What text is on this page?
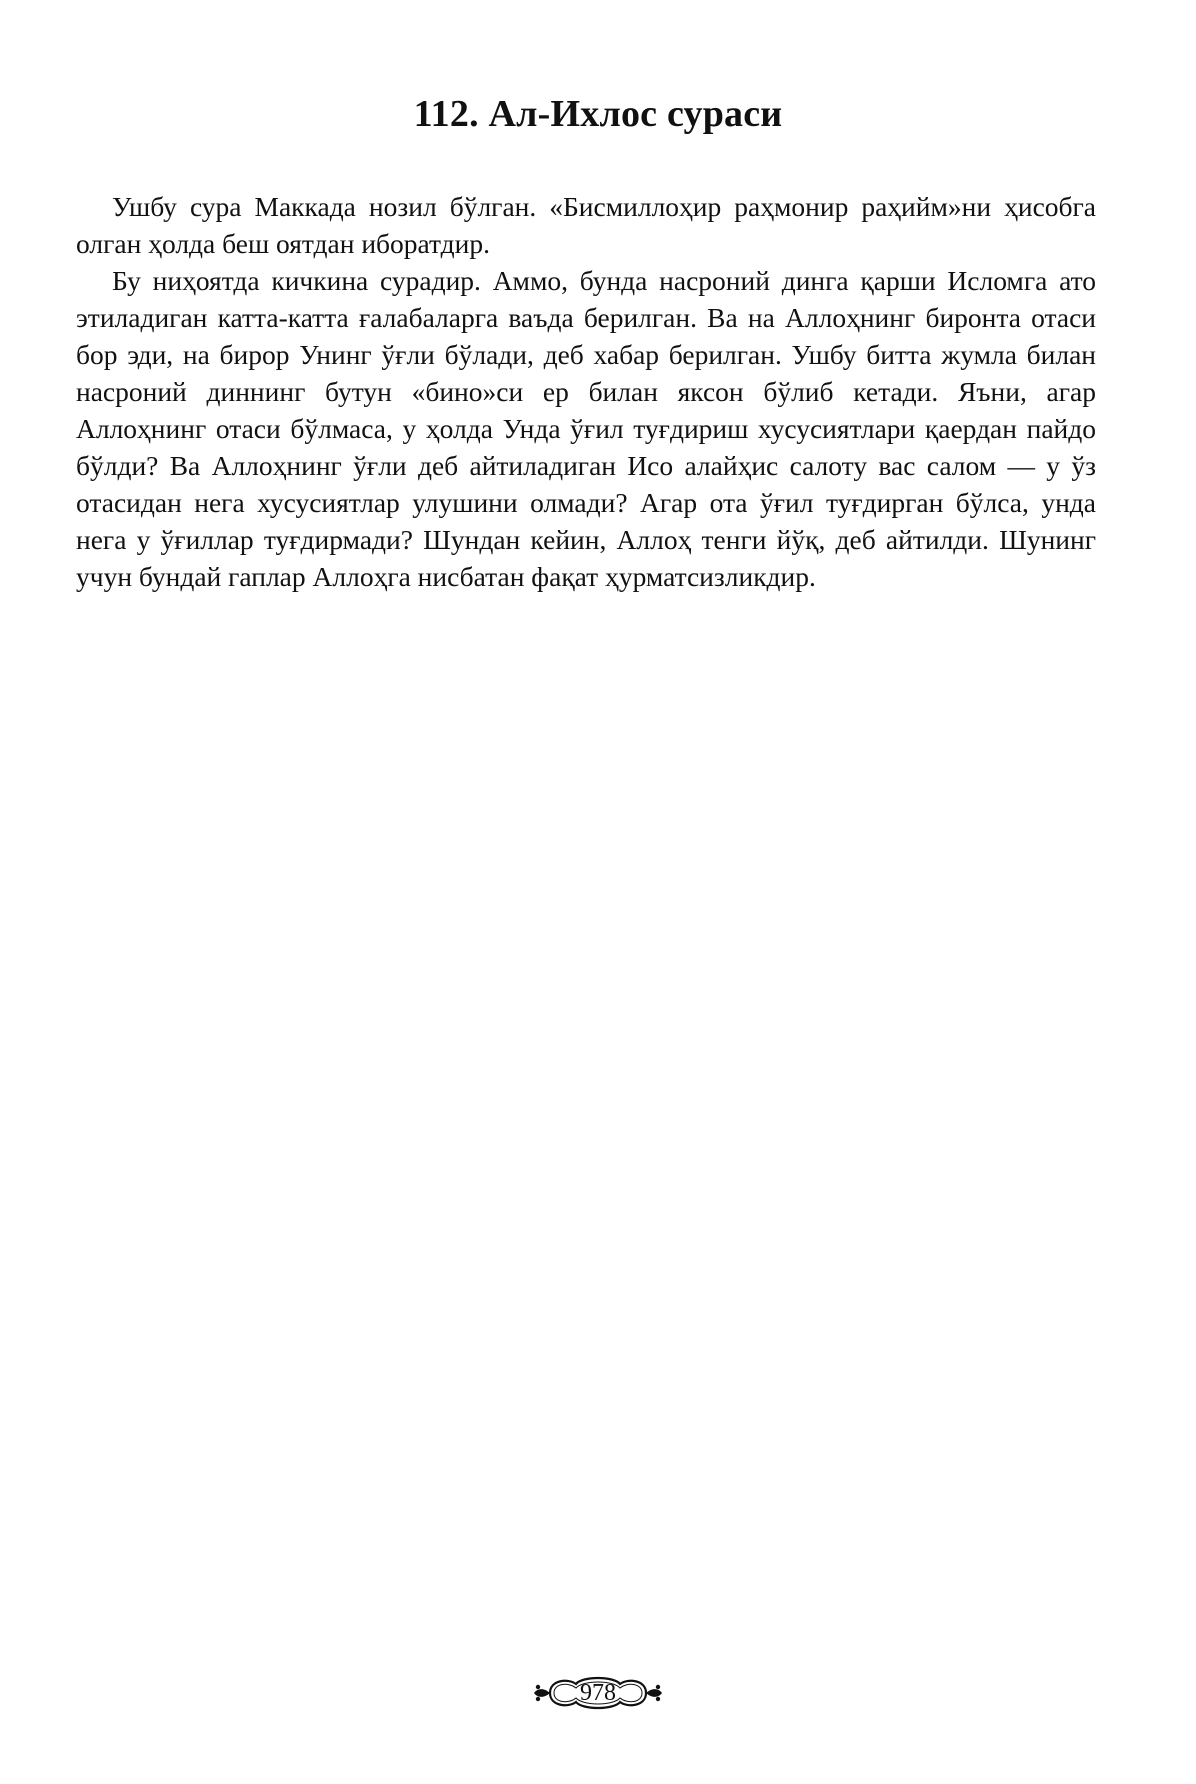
112. Ал-Ихлос сураси

Ушбу сура Маккада нозил бўлган. «Бисмиллоҳир раҳмонир раҳийм»ни ҳисобга олган ҳолда беш оятдан иборатдир.

Бу ниҳоятда кичкина сурадир. Аммо, бунда насроний динга қарши Исломга ато этиладиган катта-катта ғалабаларга ваъда берилган. Ва на Аллоҳнинг биронта отаси бор эди, на бирор Унинг ўғли бўлади, деб хабар берилган. Ушбу битта жумла билан насроний диннинг бутун «бино»си ер билан яксон бўлиб кетади. Яъни, агар Аллоҳнинг отаси бўлмаса, у ҳолда Унда ўғил туғдириш хусусиятлари қаердан пайдо бўлди? Ва Аллоҳнинг ўғли деб айтиладиган Исо алайҳис салоту вас салом — у ўз отасидан нега хусусиятлар улушини олмади? Агар ота ўғил туғдирган бўлса, унда нега у ўғиллар туғдирмади? Шундан кейин, Аллоҳ тенги йўқ, деб айтилди. Шунинг учун бундай гаплар Аллоҳга нисбатан фақат ҳурматсизликдир.

978
